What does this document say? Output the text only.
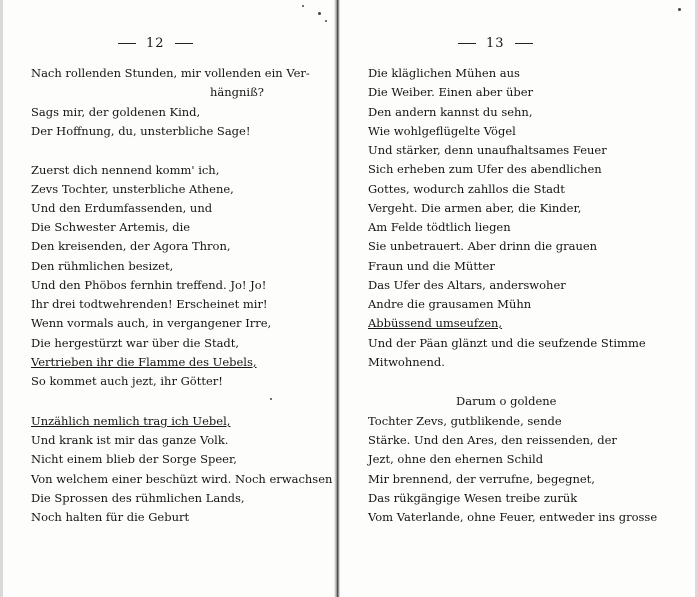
12
Nach rollenden Stunden, mir vollenden ein Ver-
hängniß?
Sags mir, der goldenen Kind,
Der Hoffnung, du, unsterbliche Sage!
Zuerst dich nennend komm' ich,
Zevs Tochter, unsterbliche Athene,
Und den Erdumfassenden, und
Die Schwester Artemis, die
Den kreisenden, der Agora Thron,
Den rühmlichen besizet,
Und den Phöbos fernhin treffend. Jo! Jo!
Ihr drei todtwehrenden! Erscheinet mir!
Wenn vormals auch, in vergangener Irre,
Die hergestürzt war über die Stadt,
Vertrieben ihr die Flamme des Uebels,
So kommet auch jezt, ihr Götter!
Unzählich nemlich trag ich Uebel,
Und krank ist mir das ganze Volk.
Nicht einem blieb der Sorge Speer,
Von welchem einer beschüzt wird. Noch erwachsen
Die Sprossen des rühmlichen Lands,
Noch halten für die Geburt
13
Die kläglichen Mühen aus
Die Weiber. Einen aber über
Den andern kannst du sehn,
Wie wohlgeflügelte Vögel
Und stärker, denn unaufhaltsames Feuer
Sich erheben zum Ufer des abendlichen
Gottes, wodurch zahllos die Stadt
Vergeht. Die armen aber, die Kinder,
Am Felde tödtlich liegen
Sie unbetrauert. Aber drinn die grauen
Fraun und die Mütter
Das Ufer des Altars, anderswoher
Andre die grausamen Mühn
Abbüssend umseufzen,
Und der Päan glänzt und die seufzende Stimme
Mitwohnend.
Darum o goldene
Tochter Zevs, gutblikende, sende
Stärke. Und den Ares, den reissenden, der
Jezt, ohne den ehernen Schild
Mir brennend, der verrufne, begegnet,
Das rükgängige Wesen treibe zurük
Vom Vaterlande, ohne Feuer, entweder ins grosse
